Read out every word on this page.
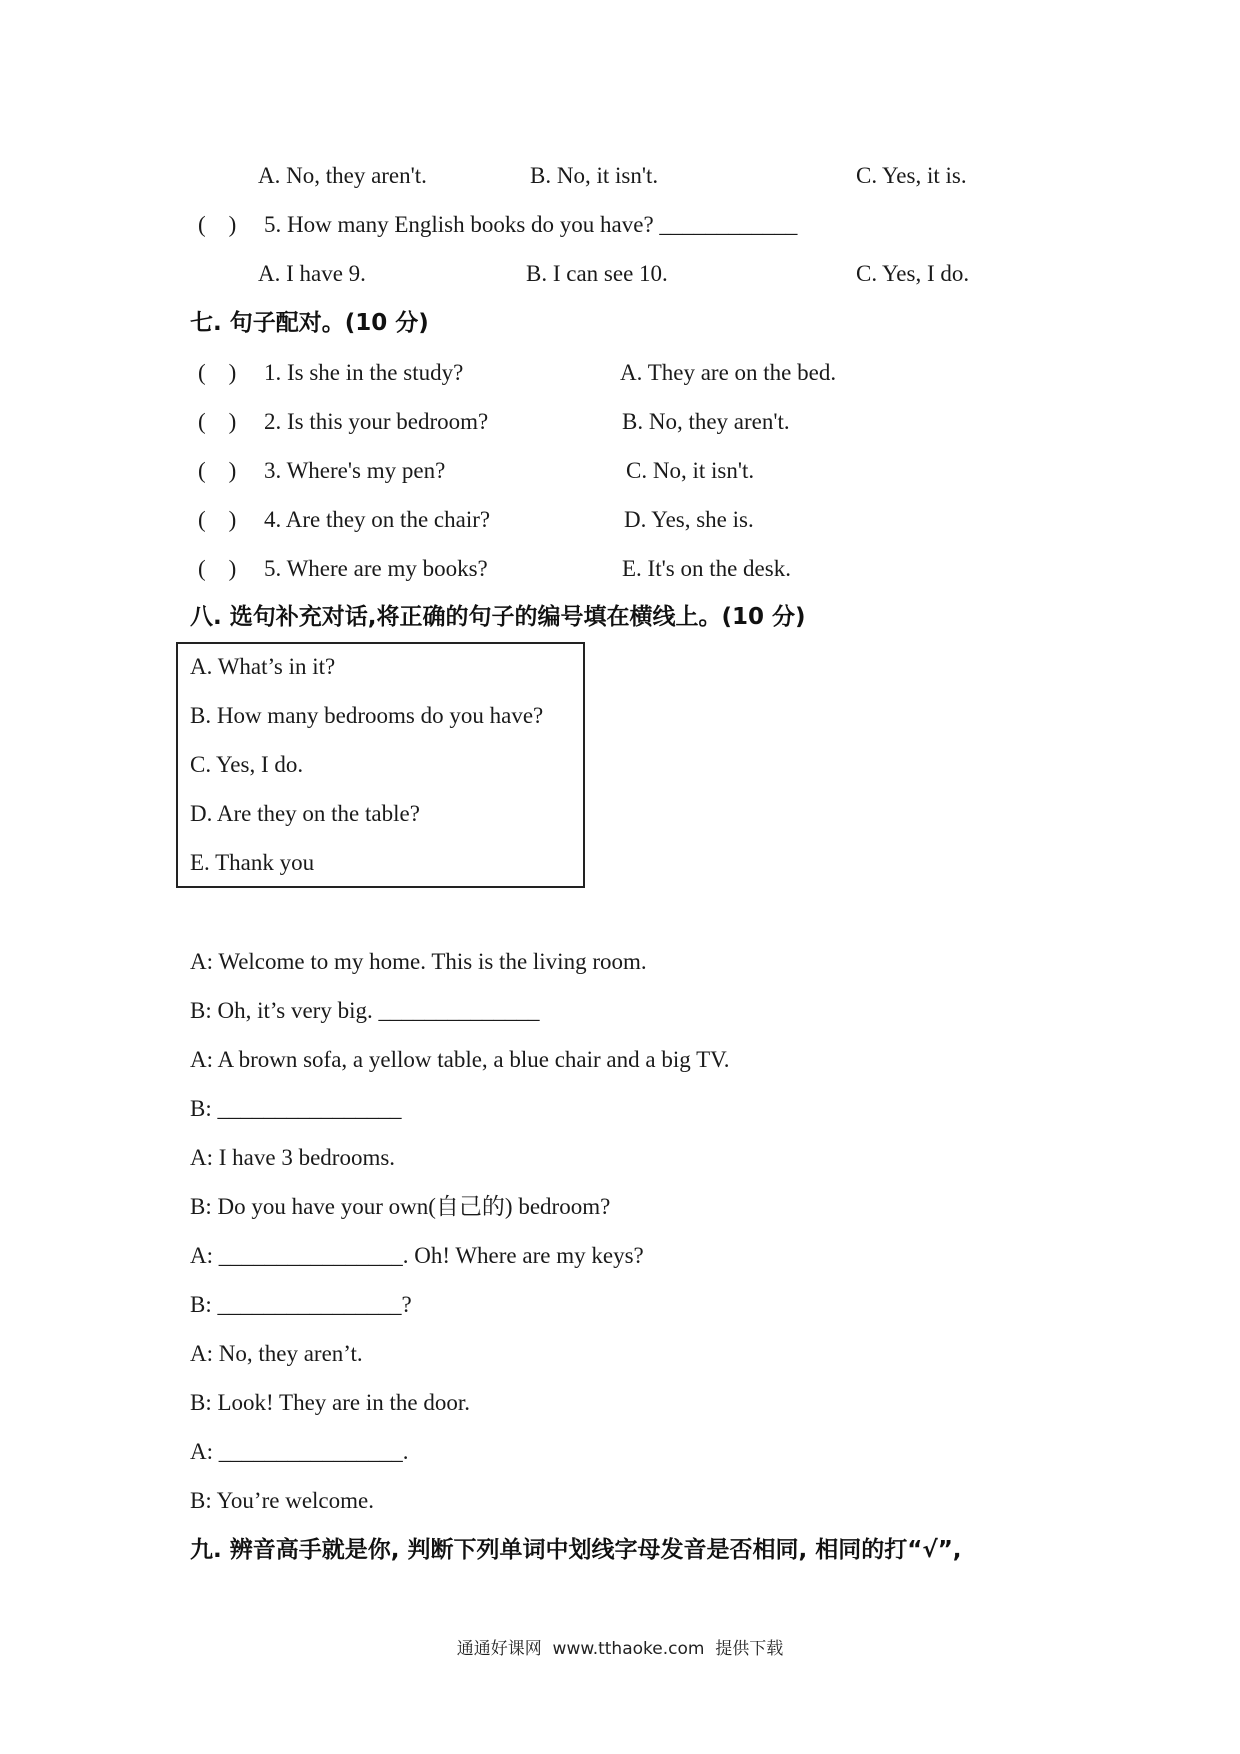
A. No, they aren't.	B. No, it isn't.	C. Yes, it is.
(    ) 5. How many English books do you have? ____________
A. I have 9.	B. I can see 10.	C. Yes, I do.
七. 句子配对。(10 分)
(    ) 1. Is she in the study?	A. They are on the bed.
(    ) 2. Is this your bedroom?	B. No, they aren't.
(    ) 3. Where's my pen?	C. No, it isn't.
(    ) 4. Are they on the chair?	D. Yes, she is.
(    ) 5. Where are my books?	E. It's on the desk.
八. 选句补充对话,将正确的句子的编号填在横线上。(10 分)
A. What’s in it?
B. How many bedrooms do you have?
C. Yes, I do.
D. Are they on the table?
E. Thank you
A: Welcome to my home. This is the living room.
B: Oh, it’s very big. ______________
A: A brown sofa, a yellow table, a blue chair and a big TV.
B: ________________
A: I have 3 bedrooms.
B: Do you have your own(自己的) bedroom?
A: ________________. Oh! Where are my keys?
B: ________________?
A: No, they aren’t.
B: Look! They are in the door.
A: ________________.
B: You’re welcome.
九. 辨音高手就是你, 判断下列单词中划线字母发音是否相同, 相同的打“√”,
通通好课网  www.tthaoke.com  提供下载
